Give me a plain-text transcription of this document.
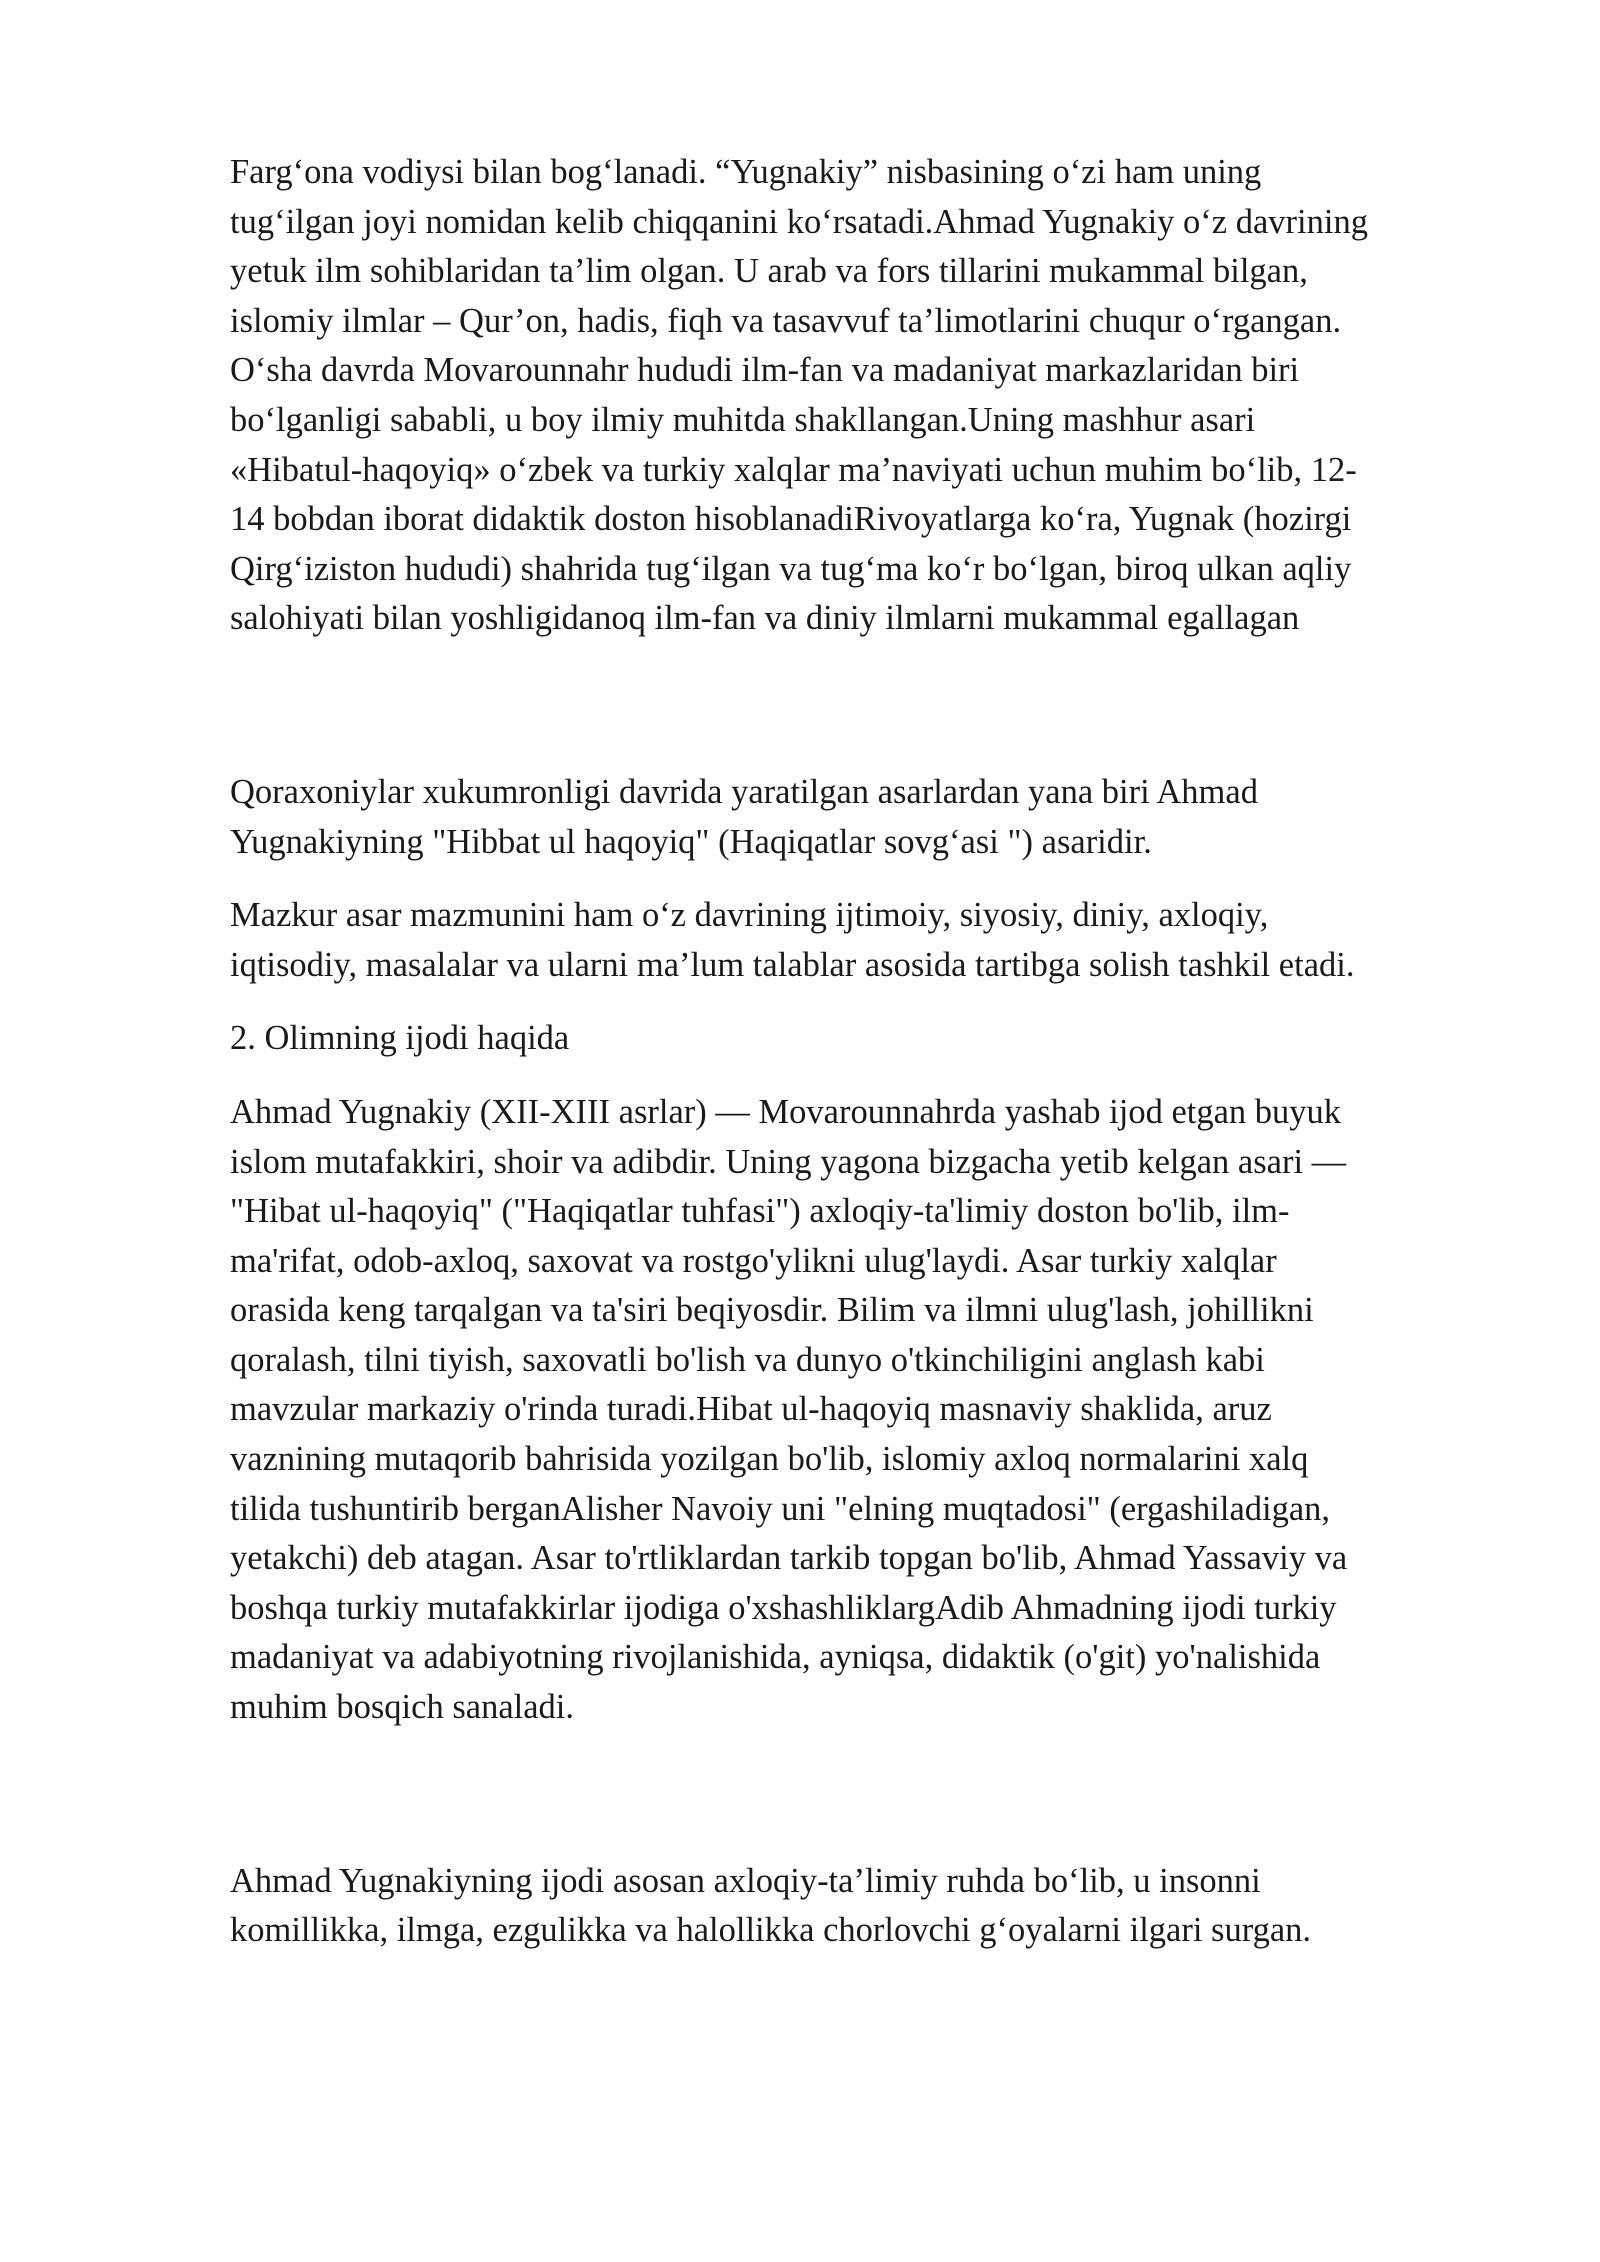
Farg‘ona vodiysi bilan bog‘lanadi. “Yugnakiy” nisbasining o‘zi ham uning
tug‘ilgan joyi nomidan kelib chiqqanini ko‘rsatadi.Ahmad Yugnakiy o‘z davrining
yetuk ilm sohiblaridan ta’lim olgan. U arab va fors tillarini mukammal bilgan,
islomiy ilmlar – Qur’on, hadis, fiqh va tasavvuf ta’limotlarini chuqur o‘rgangan.
O‘sha davrda Movarounnahr hududi ilm-fan va madaniyat markazlaridan biri
bo‘lganligi sababli, u boy ilmiy muhitda shakllangan.Uning mashhur asari
«Hibatul-haqoyiq» o‘zbek va turkiy xalqlar ma’naviyati uchun muhim bo‘lib, 12-
14 bobdan iborat didaktik doston hisoblanadiRivoyatlarga ko‘ra, Yugnak (hozirgi
Qirg‘iziston hududi) shahrida tug‘ilgan va tug‘ma ko‘r bo‘lgan, biroq ulkan aqliy
salohiyati bilan yoshligidanoq ilm-fan va diniy ilmlarni mukammal egallagan

Qoraxoniylar xukumronligi davrida yaratilgan asarlardan yana biri Ahmad
Yugnakiyning "Hibbat ul haqoyiq" (Haqiqatlar sovg‘asi ") asaridir.

Mazkur asar mazmunini ham o‘z davrining ijtimoiy, siyosiy, diniy, axloqiy,
iqtisodiy, masalalar va ularni ma’lum talablar asosida tartibga solish tashkil etadi.

2. Olimning ijodi haqida

Ahmad Yugnakiy (XII-XIII asrlar) — Movarounnahrda yashab ijod etgan buyuk
islom mutafakkiri, shoir va adibdir. Uning yagona bizgacha yetib kelgan asari —
"Hibat ul-haqoyiq" ("Haqiqatlar tuhfasi") axloqiy-ta'limiy doston bo'lib, ilm-
ma'rifat, odob-axloq, saxovat va rostgo'ylikni ulug'laydi. Asar turkiy xalqlar
orasida keng tarqalgan va ta'siri beqiyosdir. Bilim va ilmni ulug'lash, johillikni
qoralash, tilni tiyish, saxovatli bo'lish va dunyo o'tkinchiligini anglash kabi
mavzular markaziy o'rinda turadi.Hibat ul-haqoyiq masnaviy shaklida, aruz
vaznining mutaqorib bahrisida yozilgan bo'lib, islomiy axloq normalarini xalq
tilida tushuntirib berganAlisher Navoiy uni "elning muqtadosi" (ergashiladigan,
yetakchi) deb atagan. Asar to'rtliklardan tarkib topgan bo'lib, Ahmad Yassaviy va
boshqa turkiy mutafakkirlar ijodiga o'xshashliklargAdib Ahmadning ijodi turkiy
madaniyat va adabiyotning rivojlanishida, ayniqsa, didaktik (o'git) yo'nalishida
muhim bosqich sanaladi.

Ahmad Yugnakiyning ijodi asosan axloqiy-ta’limiy ruhda bo‘lib, u insonni
komillikka, ilmga, ezgulikka va halollikka chorlovchi g‘oyalarni ilgari surgan.
